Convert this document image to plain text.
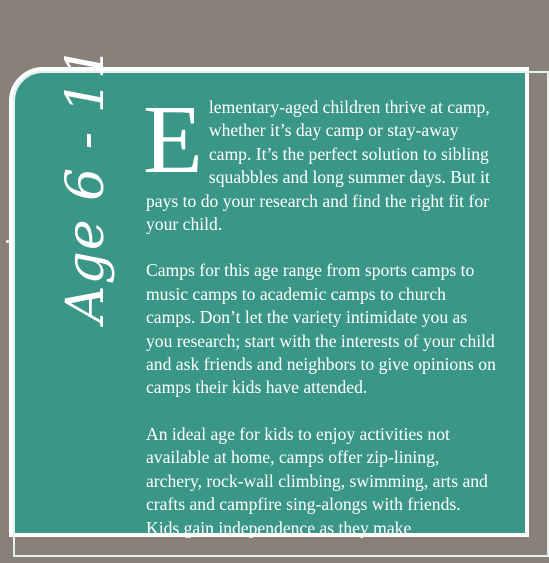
Age 6 - 11 Elementary-aged children thrive at camp, whether it’s day camp or stay-away camp. It’s the perfect solution to sibling squabbles and long summer days. But it pays to do your research and find the right fit for your child.

Camps for this age range from sports camps to music camps to academic camps to church camps. Don’t let the variety intimidate you as you research; start with the interests of your child and ask friends and neighbors to give opinions on camps their kids have attended.

An ideal age for kids to enjoy activities not available at home, camps offer zip-lining, archery, rock-wall climbing, swimming, arts and crafts and campfire sing-alongs with friends. Kids gain independence as they make
